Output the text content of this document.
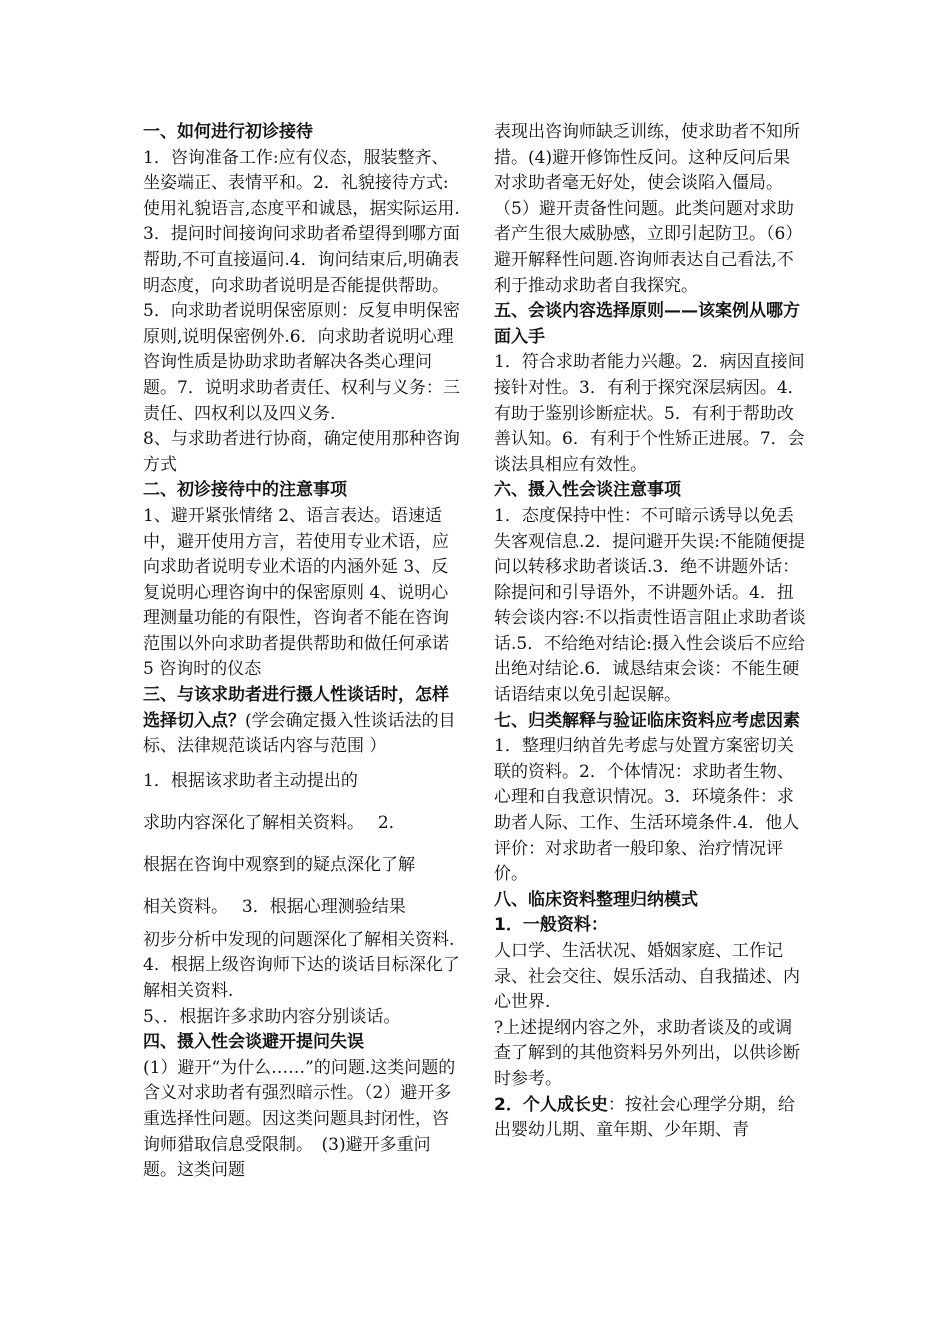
一、如何进行初诊接待

1．咨询准备工作:应有仪态，服装整齐、坐姿端正、表情平和。2．礼貌接待方式:使用礼貌语言,态度平和诚恳，据实际运用.3．提问时间接询问求助者希望得到哪方面帮助,不可直接逼问.4．询问结束后,明确表明态度，向求助者说明是否能提供帮助。5．向求助者说明保密原则：反复申明保密原则,说明保密例外.6．向求助者说明心理咨询性质是协助求助者解决各类心理问题。7．说明求助者责任、权利与义务：三责任、四权利以及四义务.

8、与求助者进行协商，确定使用那种咨询方式

二、初诊接待中的注意事项

1、避开紧张情绪 2、语言表达。语速适中，避开使用方言，若使用专业术语，应向求助者说明专业术语的内涵外延 3、反复说明心理咨询中的保密原则 4、说明心理测量功能的有限性，咨询者不能在咨询范围以外向求助者提供帮助和做任何承诺 5 咨询时的仪态

三、与该求助者进行摄人性谈话时，怎样选择切入点？(学会确定摄入性谈话法的目标、法律规范谈话内容与范围 ）

1．根据该求助者主动提出的

求助内容深化了解相关资料。　 2．

根据在咨询中观察到的疑点深化了解

相关资料。　 3．根据心理测验结果

初步分析中发现的问题深化了解相关资料.　 4．根据上级咨询师下达的谈话目标深化了解相关资料.

5、．根据许多求助内容分别谈话。

四、摄入性会谈避开提问失误

(1）避开“为什么……”的问题.这类问题的含义对求助者有强烈暗示性。（2）避开多重选择性问题。因这类问题具封闭性，咨询师猎取信息受限制。　(3)避开多重问题。这类问题

表现出咨询师缺乏训练，使求助者不知所措。(4)避开修饰性反问。这种反问后果对求助者毫无好处，使会谈陷入僵局。（5）避开责备性问题。此类问题对求助者产生很大威胁感，立即引起防卫。（6）避开解释性问题.咨询师表达自己看法,不利于推动求助者自我探究。

五、会谈内容选择原则——该案例从哪方面入手

1．符合求助者能力兴趣。2．病因直接间接针对性。3．有利于探究深层病因。4．有助于鉴别诊断症状。5．有利于帮助改善认知。6．有利于个性矫正进展。7．会谈法具相应有效性。

六、摄入性会谈注意事项

1．态度保持中性：不可暗示诱导以免丢失客观信息.2．提问避开失误:不能随便提问以转移求助者谈话.3．绝不讲题外话：除提问和引导语外，不讲题外话。4．扭转会谈内容:不以指责性语言阻止求助者谈话.5．不给绝对结论:摄入性会谈后不应给出绝对结论.6．诚恳结束会谈：不能生硬话语结束以免引起误解。

七、归类解释与验证临床资料应考虑因素

1．整理归纳首先考虑与处置方案密切关联的资料。2．个体情况：求助者生物、心理和自我意识情况。3．环境条件：求助者人际、工作、生活环境条件.4．他人评价：对求助者一般印象、治疗情况评价。

八、临床资料整理归纳模式

1．一般资料：

人口学、生活状况、婚姻家庭、工作记录、社会交往、娱乐活动、自我描述、内心世界.

?上述提纲内容之外，求助者谈及的或调查了解到的其他资料另外列出，以供诊断时参考。

2．个人成长史：按社会心理学分期，给出婴幼儿期、童年期、少年期、青
